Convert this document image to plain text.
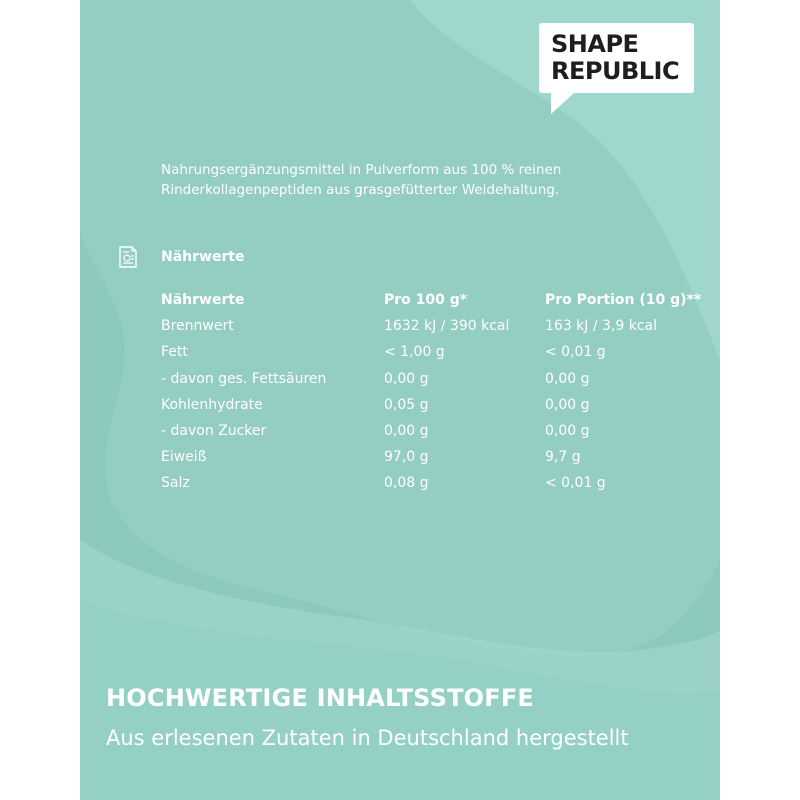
SHAPE
REPUBLIC
Nahrungsergänzungsmittel in Pulverform aus 100 % reinen Rinderkollagenpeptiden aus grasgefütterter Weidehaltung.
Nährwerte
Nährwerte	Pro 100 g*	Pro Portion (10 g)**
Brennwert	1632 kJ / 390 kcal	163 kJ / 3,9 kcal
Fett	< 1,00 g	< 0,01 g
- davon ges. Fettsäuren	0,00 g	0,00 g
Kohlenhydrate	0,05 g	0,00 g
- davon Zucker	0,00 g	0,00 g
Eiweiß	97,0 g	9,7 g
Salz	0,08 g	< 0,01 g
HOCHWERTIGE INHALTSSTOFFE
Aus erlesenen Zutaten in Deutschland hergestellt
